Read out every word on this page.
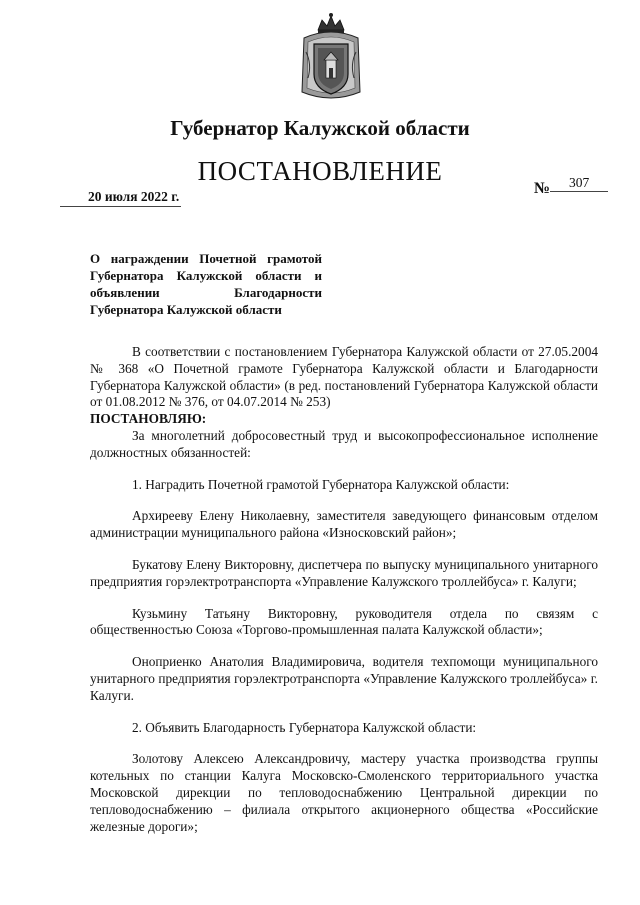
Губернатор Калужской области
ПОСТАНОВЛЕНИЕ
20 июля 2022 г.	№ 307
О награждении Почетной грамотой Губернатора Калужской области и объявлении Благодарности Губернатора Калужской области

В соответствии с постановлением Губернатора Калужской области от 27.05.2004 № 368 «О Почетной грамоте Губернатора Калужской области и Благодарности Губернатора Калужской области» (в ред. постановлений Губернатора Калужской области от 01.08.2012 № 376, от 04.07.2014 № 253)

ПОСТАНОВЛЯЮ:

За многолетний добросовестный труд и высокопрофессиональное исполнение должностных обязанностей:

1. Наградить Почетной грамотой Губернатора Калужской области:

Архирееву Елену Николаевну, заместителя заведующего финансовым отделом администрации муниципального района «Износковский район»;

Букатову Елену Викторовну, диспетчера по выпуску муниципального унитарного предприятия горэлектротранспорта «Управление Калужского троллейбуса» г. Калуги;

Кузьмину Татьяну Викторовну, руководителя отдела по связям с общественностью Союза «Торгово-промышленная палата Калужской области»;

Оноприенко Анатолия Владимировича, водителя техпомощи муниципального унитарного предприятия горэлектротранспорта «Управление Калужского троллейбуса» г. Калуги.

2. Объявить Благодарность Губернатора Калужской области:

Золотову Алексею Александровичу, мастеру участка производства группы котельных по станции Калуга Московско-Смоленского территориального участка Московской дирекции по тепловодоснабжению Центральной дирекции по тепловодоснабжению – филиала открытого акционерного общества «Российские железные дороги»;
